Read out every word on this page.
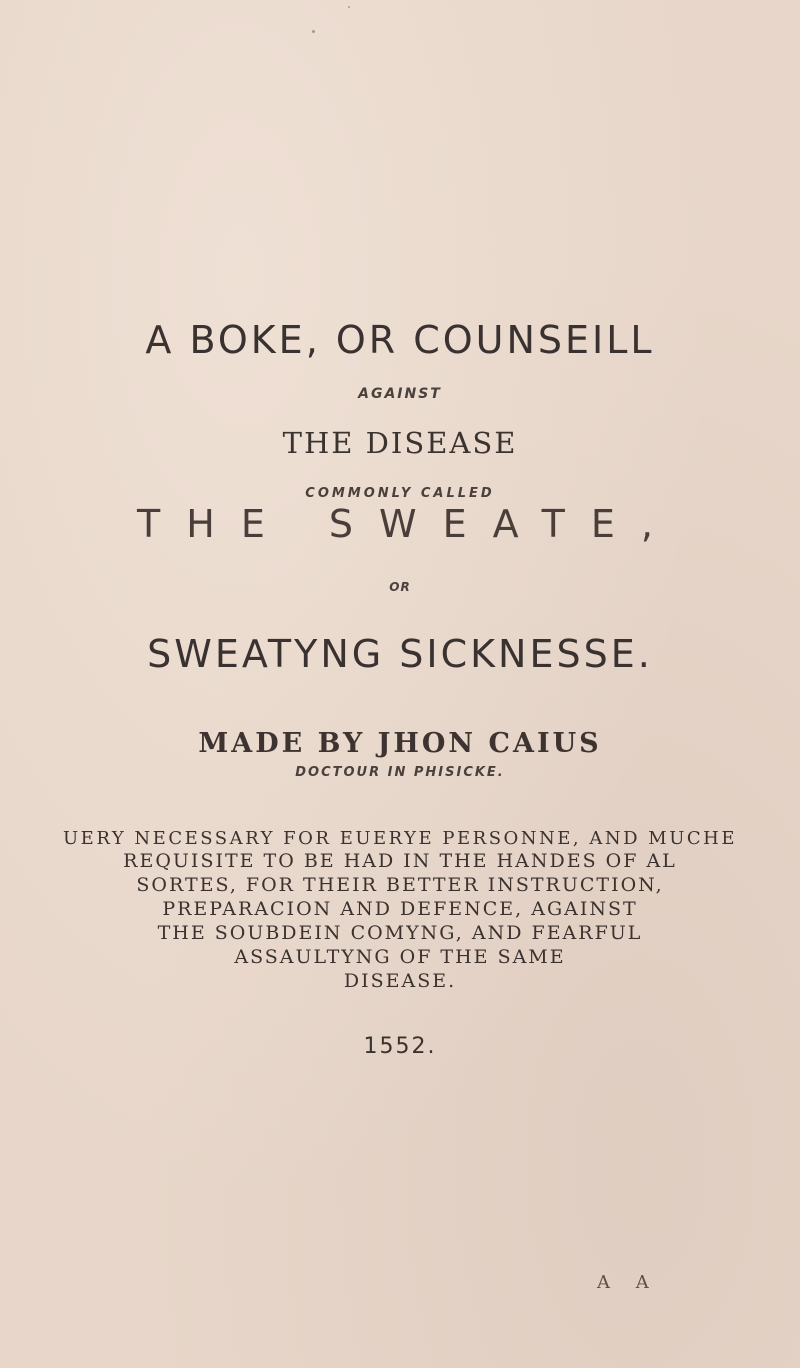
A BOKE, OR COUNSEILL
AGAINST
THE DISEASE
COMMONLY CALLED
THE SWEATE,
OR
SWEATYNG SICKNESSE.
MADE BY JHON CAIUS
DOCTOUR IN PHISICKE.
UERY NECESSARY FOR EUERYE PERSONNE, AND MUCHE
REQUISITE TO BE HAD IN THE HANDES OF AL
SORTES, FOR THEIR BETTER INSTRUCTION,
PREPARACION AND DEFENCE, AGAINST
THE SOUBDEIN COMYNG, AND FEARFUL
ASSAULTYNG OF THE SAME
DISEASE.
1552.
A A
